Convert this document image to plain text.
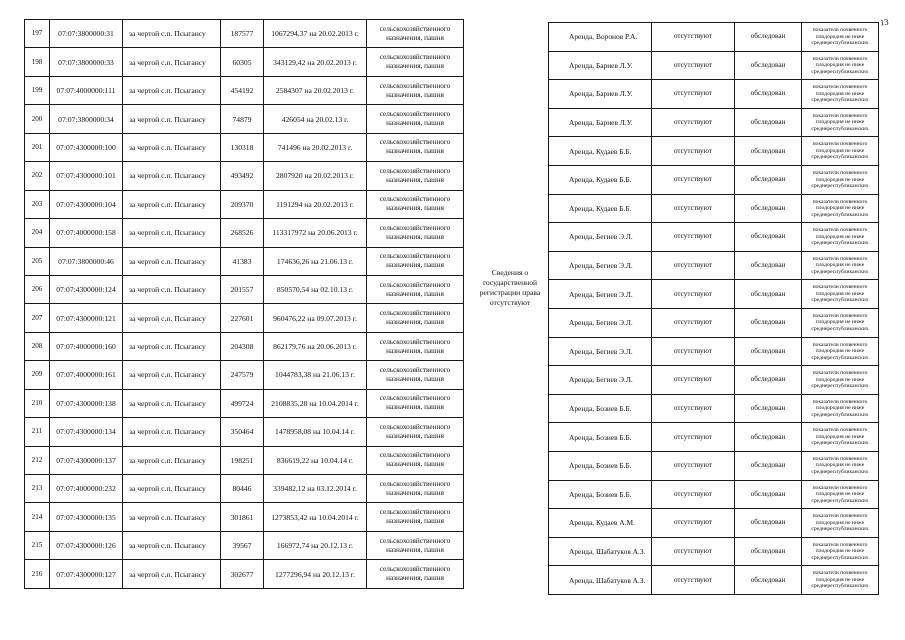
197	07:07:3800000:31	за чертой с.п. Псыгансу	187577	1067294,37 на 20.02.2013 г.	сельскохозяйственного назначения, пашня
198	07:07:3800000:33	за чертой с.п. Псыгансу	60305	343129,42 на 20.02.2013 г.	сельскохозяйственного назначения, пашня
199	07:07:4000000:111	за чертой с.п. Псыгансу	454192	2584307 на 20.02.2013 г.	сельскохозяйственного назначения, пашня
200	07:07:3800000:34	за чертой с.п. Псыгансу	74879	426054 на 20.02.13 г.	сельскохозяйственного назначения, пашня
201	07:07:4300000:100	за чертой с.п. Псыгансу	130318	741496 на 20.02.2013 г.	сельскохозяйственного назначения, пашня
202	07:07:4300000:101	за чертой с.п. Псыгансу	493492	2807920 на 20.02.2013 г.	сельскохозяйственного назначения, пашня
203	07:07:4300000:104	за чертой с.п. Псыгансу	209370	1191294 на 20.02.2013 г.	сельскохозяйственного назначения, пашня
204	07:07:4000000:158	за чертой с.п. Псыгансу	268526	113317972 на 20.06.2013 г.	сельскохозяйственного назначения, пашня
205	07:07:3800000:46	за чертой с.п. Псыгансу	41383	174636,26 на 21.06.13 г.	сельскохозяйственного назначения, пашня
206	07:07:4300000:124	за чертой с.п. Псыгансу	201557	850570,54 на 02.10.13 г.	сельскохозяйственного назначения, пашня
207	07:07:4300000:121	за чертой с.п. Псыгансу	227601	960476,22 на 09.07.2013 г.	сельскохозяйственного назначения, пашня
208	07:07:4000000:160	за чертой с.п. Псыгансу	204308	862179,76 на 20.06.2013 г.	сельскохозяйственного назначения, пашня
209	07:07:4000000:161	за чертой с.п. Псыгансу	247579	1044783,38 на 21.06.13 г.	сельскохозяйственного назначения, пашня
210	07:07:4300000:138	за чертой с.п. Псыгансу	499724	2108835,28 на 10.04.2014 г.	сельскохозяйственного назначения, пашня
211	07:07:4300000:134	за чертой с.п. Псыгансу	350464	1478958,08 на 10.04.14 г.	сельскохозяйственного назначения, пашня
212	07:07:4300000:137	за чертой с.п. Псыгансу	198251	836619,22 на 10.04.14 г.	сельскохозяйственного назначения, пашня
213	07:07:4000000:232	за чертой с.п. Псыгансу	80446	339482,12 на 03.12.2014 г.	сельскохозяйственного назначения, пашня
214	07:07:4300000:135	за чертой с.п. Псыгансу	301861	1273853,42 на 10.04.2014 г.	сельскохозяйственного назначения, пашня
215	07:07:4300000:126	за чертой с.п. Псыгансу	39567	166972,74 на 20.12.13 г.	сельскохозяйственного назначения, пашня
216	07:07:4300000:127	за чертой с.п. Псыгансу	302677	1277296,94 на 20.12.13 г.	сельскохозяйственного назначения, пашня
Сведения о государственной регистрации права отсутствуют
13
Аренда, Воронов Р.А.	отсутствуют	обследован	показатели почвенного плодородия не ниже среднереспубликанских
Аренда, Бариев Л.У.	отсутствуют	обследован	показатели почвенного плодородия не ниже среднереспубликанских
Аренда, Бариев Л.У.	отсутствуют	обследован	показатели почвенного плодородия не ниже среднереспубликанских
Аренда, Бариев Л.У.	отсутствуют	обследован	показатели почвенного плодородия не ниже среднереспубликанских
Аренда, Кудаев Б.Б.	отсутствуют	обследован	показатели почвенного плодородия не ниже среднереспубликанских
Аренда, Кудаев Б.Б.	отсутствуют	обследован	показатели почвенного плодородия не ниже среднереспубликанских
Аренда, Кудаев Б.Б.	отсутствуют	обследован	показатели почвенного плодородия не ниже среднереспубликанских
Аренда, Бегиев Э.Л.	отсутствуют	обследован	показатели почвенного плодородия не ниже среднереспубликанских
Аренда, Бегиев Э.Л.	отсутствуют	обследован	показатели почвенного плодородия не ниже среднереспубликанских
Аренда, Бегиев Э.Л.	отсутствуют	обследован	показатели почвенного плодородия не ниже среднереспубликанских
Аренда, Бегиев Э.Л.	отсутствуют	обследован	показатели почвенного плодородия не ниже среднереспубликанских
Аренда, Бегиев Э.Л.	отсутствуют	обследован	показатели почвенного плодородия не ниже среднереспубликанских
Аренда, Бегиев Э.Л.	отсутствуют	обследован	показатели почвенного плодородия не ниже среднереспубликанских
Аренда, Бозиев Б.Б.	отсутствуют	обследован	показатели почвенного плодородия не ниже среднереспубликанских
Аренда, Бозиев Б.Б.	отсутствуют	обследован	показатели почвенного плодородия не ниже среднереспубликанских
Аренда, Бозиев Б.Б.	отсутствуют	обследован	показатели почвенного плодородия не ниже среднереспубликанских
Аренда, Бозиев Б.Б.	отсутствуют	обследован	показатели почвенного плодородия не ниже среднереспубликанских
Аренда, Кудаев А.М.	отсутствуют	обследован	показатели почвенного плодородия не ниже среднереспубликанских
Аренда, Шабатуков А.З.	отсутствуют	обследован	показатели почвенного плодородия не ниже среднереспубликанских
Аренда, Шабатуков А.З.	отсутствуют	обследован	показатели почвенного плодородия не ниже среднереспубликанских
